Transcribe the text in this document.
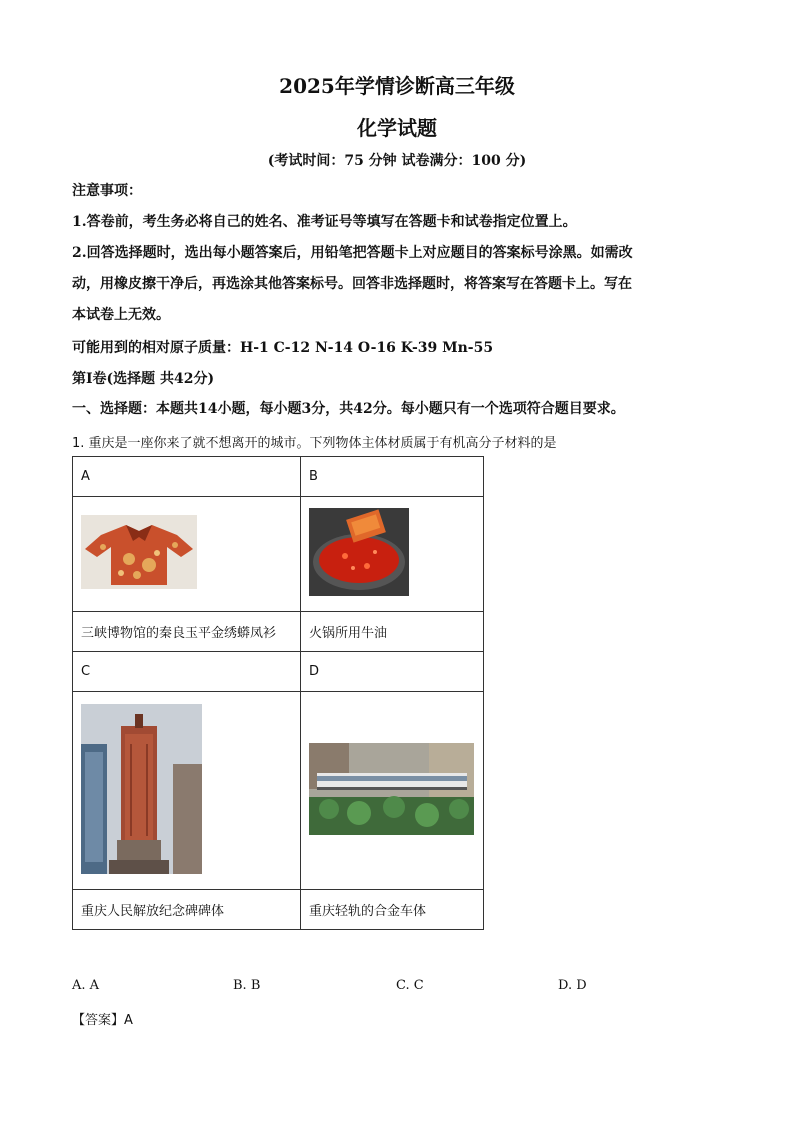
2025年学情诊断高三年级
化学试题
(考试时间：75 分钟 试卷满分：100 分)
注意事项：
1.答卷前，考生务必将自己的姓名、准考证号等填写在答题卡和试卷指定位置上。
2.回答选择题时，选出每小题答案后，用铅笔把答题卡上对应题目的答案标号涂黑。如需改
动，用橡皮擦干净后，再选涂其他答案标号。回答非选择题时，将答案写在答题卡上。写在
本试卷上无效。
可能用到的相对原子质量：H-1 C-12 N-14 O-16 K-39 Mn-55
第Ⅰ卷(选择题 共42分)
一、选择题：本题共14小题，每小题3分，共42分。每小题只有一个选项符合题目要求。
1. 重庆是一座你来了就不想离开的城市。下列物体主体材质属于有机高分子材料的是
A	B

三峡博物馆的秦良玉平金绣蟒凤衫	火锅所用牛油
C	D

重庆人民解放纪念碑碑体	重庆轻轨的合金车体
A. A	B. B	C. C	D. D
【答案】A
